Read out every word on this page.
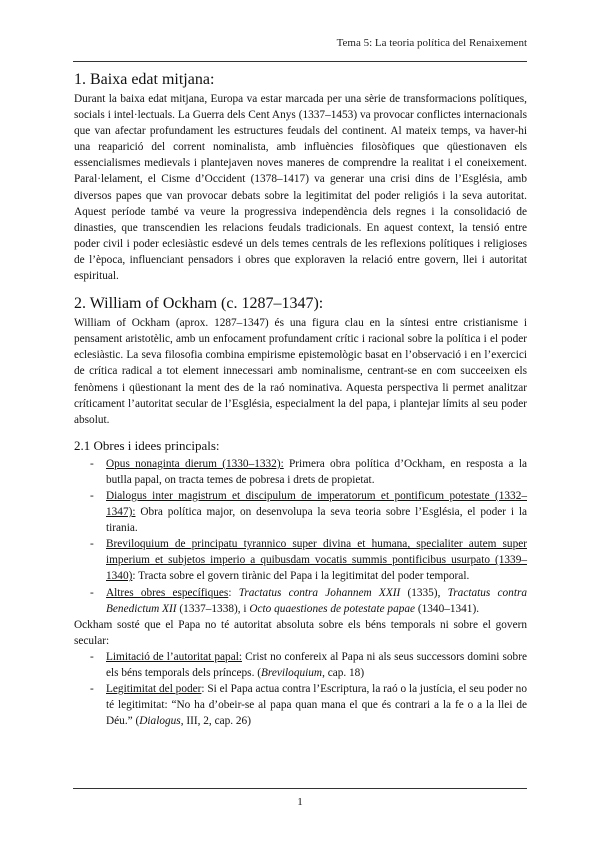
Tema 5: La teoria política del Renaixement
1. Baixa edat mitjana:

Durant la baixa edat mitjana, Europa va estar marcada per una sèrie de transformacions polítiques, socials i intel·lectuals. La Guerra dels Cent Anys (1337–1453) va provocar conflictes internacionals que van afectar profundament les estructures feudals del continent. Al mateix temps, va haver-hi una reaparició del corrent nominalista, amb influències filosòfiques que qüestionaven els essencialismes medievals i plantejaven noves maneres de comprendre la realitat i el coneixement. Paral·lelament, el Cisme d’Occident (1378–1417) va generar una crisi dins de l’Església, amb diversos papes que van provocar debats sobre la legitimitat del poder religiós i la seva autoritat. Aquest període també va veure la progressiva independència dels regnes i la consolidació de dinasties, que transcendien les relacions feudals tradicionals. En aquest context, la tensió entre poder civil i poder eclesiàstic esdevé un dels temes centrals de les reflexions polítiques i religioses de l’època, influenciant pensadors i obres que exploraven la relació entre govern, llei i autoritat espiritual.

2. William of Ockham (c. 1287–1347):

William of Ockham (aprox. 1287–1347) és una figura clau en la síntesi entre cristianisme i pensament aristotèlic, amb un enfocament profundament crític i racional sobre la política i el poder eclesiàstic. La seva filosofia combina empirisme epistemològic basat en l’observació i en l’exercici de crítica radical a tot element innecessari amb nominalisme, centrant-se en com succeeixen els fenòmens i qüestionant la ment des de la raó nominativa. Aquesta perspectiva li permet analitzar críticament l’autoritat secular de l’Església, especialment la del papa, i plantejar límits al seu poder absolut.

2.1 Obres i idees principals:
- Opus nonaginta dierum (1330–1332): Primera obra política d’Ockham, en resposta a la butlla papal, on tracta temes de pobresa i drets de propietat.
- Dialogus inter magistrum et discipulum de imperatorum et pontificum potestate (1332–1347): Obra política major, on desenvolupa la seva teoria sobre l’Església, el poder i la tirania.
- Breviloquium de principatu tyrannico super divina et humana, specialiter autem super imperium et subjetos imperio a quibusdam vocatis summis pontificibus usurpato (1339–1340): Tracta sobre el govern tirànic del Papa i la legitimitat del poder temporal.
- Altres obres específiques: Tractatus contra Johannem XXII (1335), Tractatus contra Benedictum XII (1337–1338), i Octo quaestiones de potestate papae (1340–1341).

Ockham sosté que el Papa no té autoritat absoluta sobre els béns temporals ni sobre el govern secular:

- Limitació de l’autoritat papal: Crist no confereix al Papa ni als seus successors domini sobre els béns temporals dels prínceps. (Breviloquium, cap. 18)
- Legitimitat del poder: Si el Papa actua contra l’Escriptura, la raó o la justícia, el seu poder no té legitimitat: “No ha d’obeir-se al papa quan mana el que és contrari a la fe o a la llei de Déu.” (Dialogus, III, 2, cap. 26)
1
